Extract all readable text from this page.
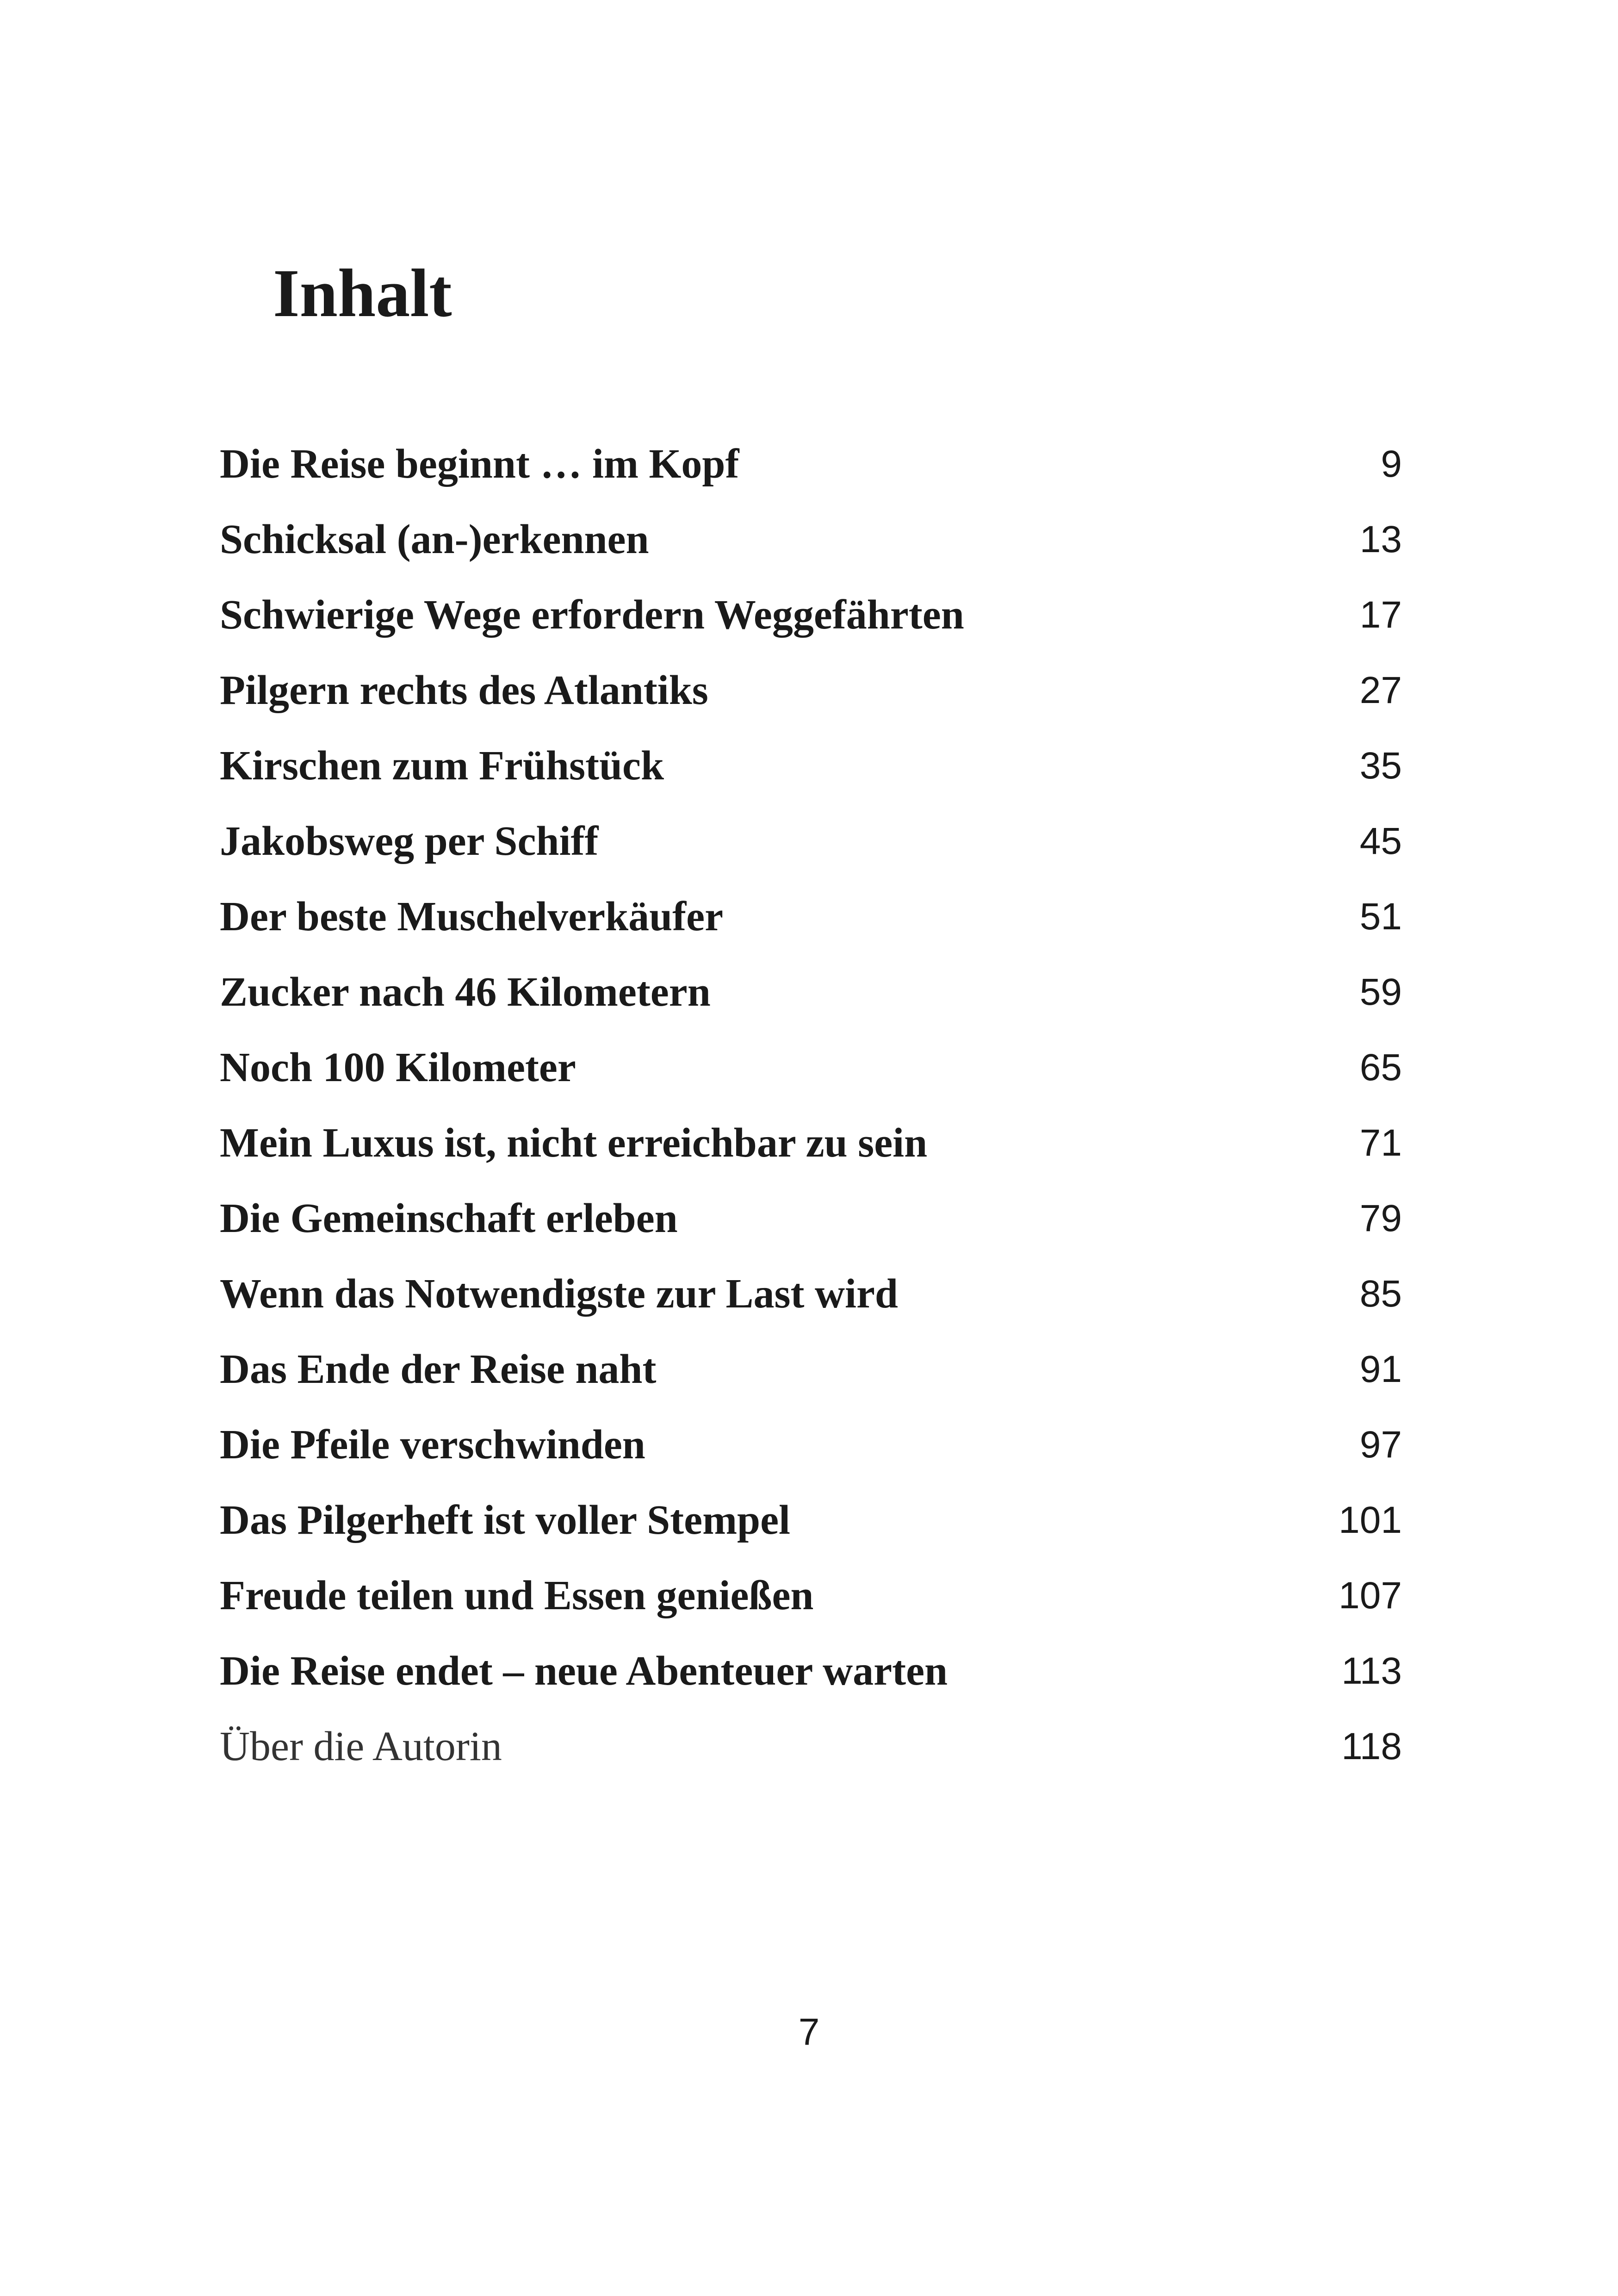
Inhalt
Die Reise beginnt … im Kopf	9
Schicksal (an-)erkennen	13
Schwierige Wege erfordern Weggefährten	17
Pilgern rechts des Atlantiks	27
Kirschen zum Frühstück	35
Jakobsweg per Schiff	45
Der beste Muschelverkäufer	51
Zucker nach 46 Kilometern	59
Noch 100 Kilometer	65
Mein Luxus ist, nicht erreichbar zu sein	71
Die Gemeinschaft erleben	79
Wenn das Notwendigste zur Last wird	85
Das Ende der Reise naht	91
Die Pfeile verschwinden	97
Das Pilgerheft ist voller Stempel	101
Freude teilen und Essen genießen	107
Die Reise endet – neue Abenteuer warten	113
Über die Autorin	118
7
